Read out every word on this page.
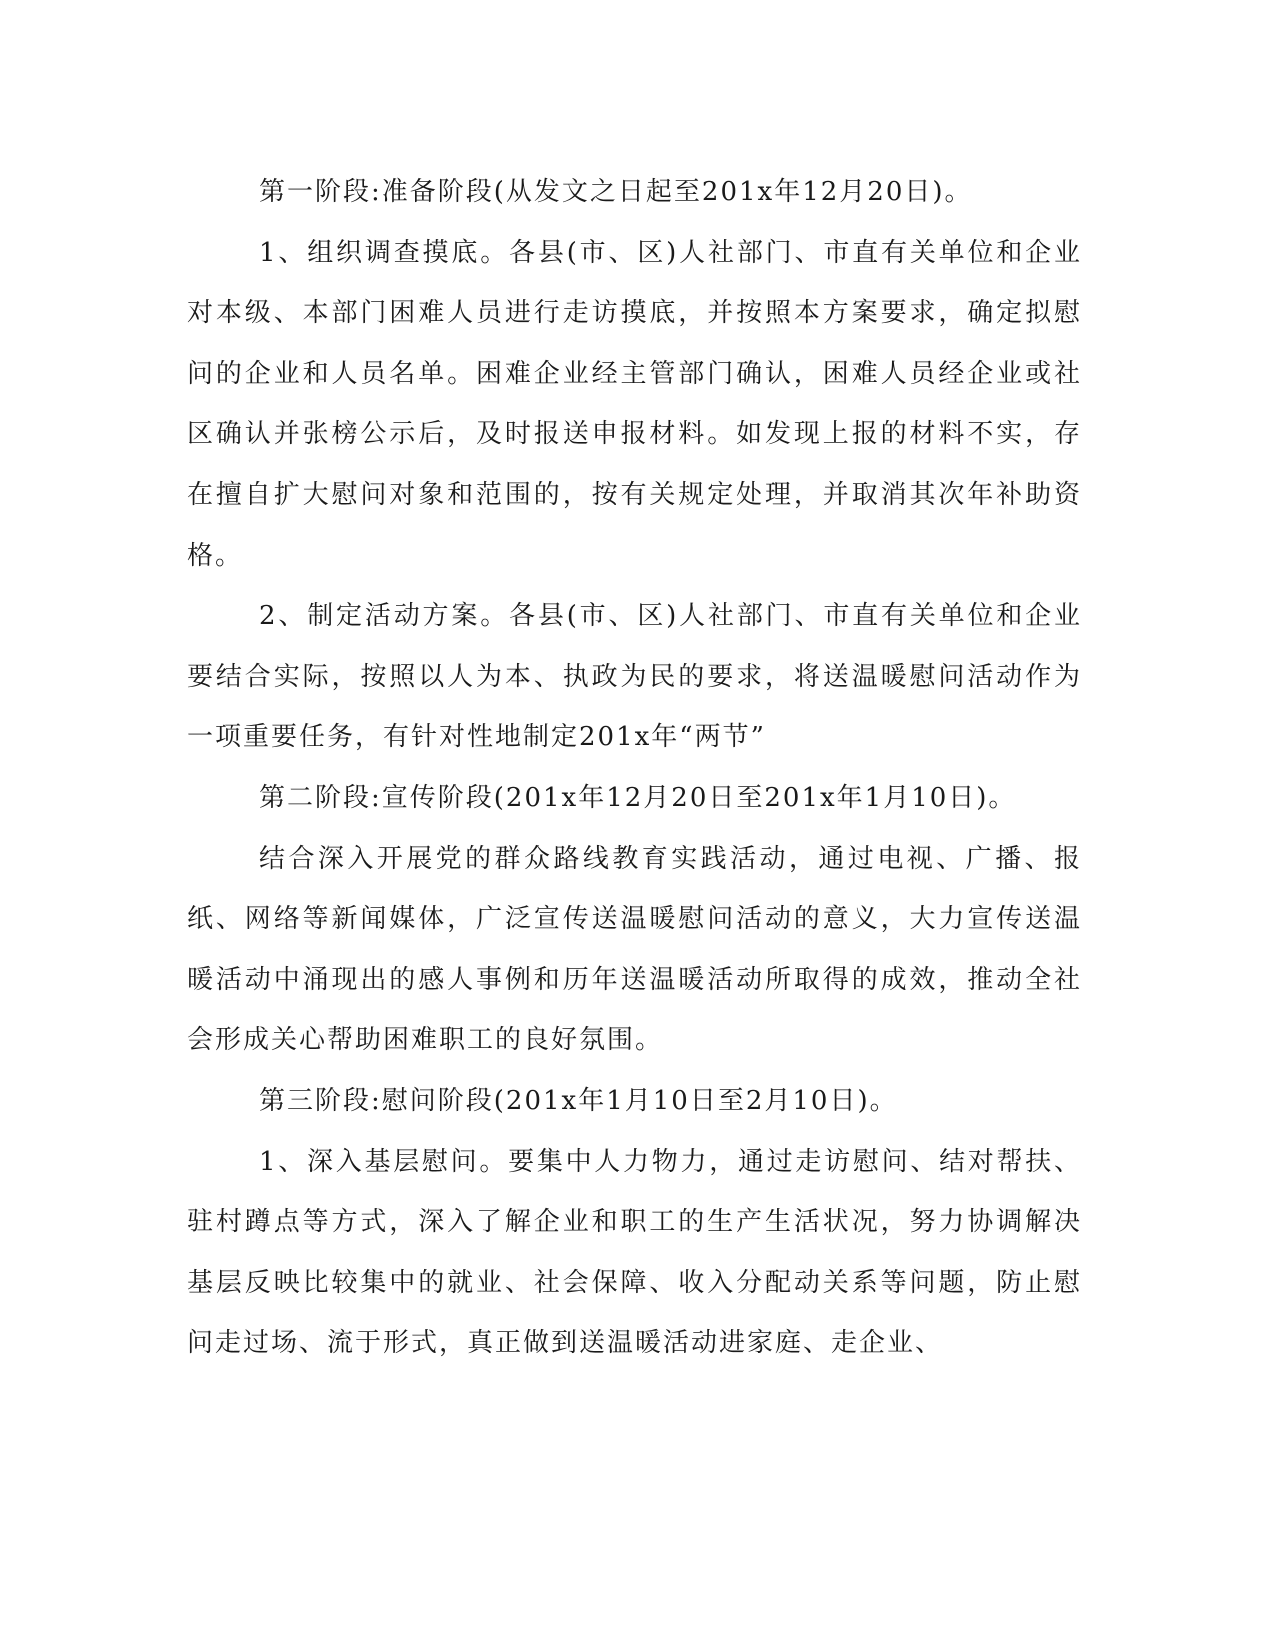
第一阶段:准备阶段(从发文之日起至201x年12月20日)。

1、组织调查摸底。各县(市、区)人社部门、市直有关单位和企业对本级、本部门困难人员进行走访摸底，并按照本方案要求，确定拟慰问的企业和人员名单。困难企业经主管部门确认，困难人员经企业或社区确认并张榜公示后，及时报送申报材料。如发现上报的材料不实，存在擅自扩大慰问对象和范围的，按有关规定处理，并取消其次年补助资格。

2、制定活动方案。各县(市、区)人社部门、市直有关单位和企业要结合实际，按照以人为本、执政为民的要求，将送温暖慰问活动作为一项重要任务，有针对性地制定201x年“两节”

第二阶段:宣传阶段(201x年12月20日至201x年1月10日)。

结合深入开展党的群众路线教育实践活动，通过电视、广播、报纸、网络等新闻媒体，广泛宣传送温暖慰问活动的意义，大力宣传送温暖活动中涌现出的感人事例和历年送温暖活动所取得的成效，推动全社会形成关心帮助困难职工的良好氛围。

第三阶段:慰问阶段(201x年1月10日至2月10日)。

1、深入基层慰问。要集中人力物力，通过走访慰问、结对帮扶、驻村蹲点等方式，深入了解企业和职工的生产生活状况，努力协调解决基层反映比较集中的就业、社会保障、收入分配动关系等问题，防止慰问走过场、流于形式，真正做到送温暖活动进家庭、走企业、
